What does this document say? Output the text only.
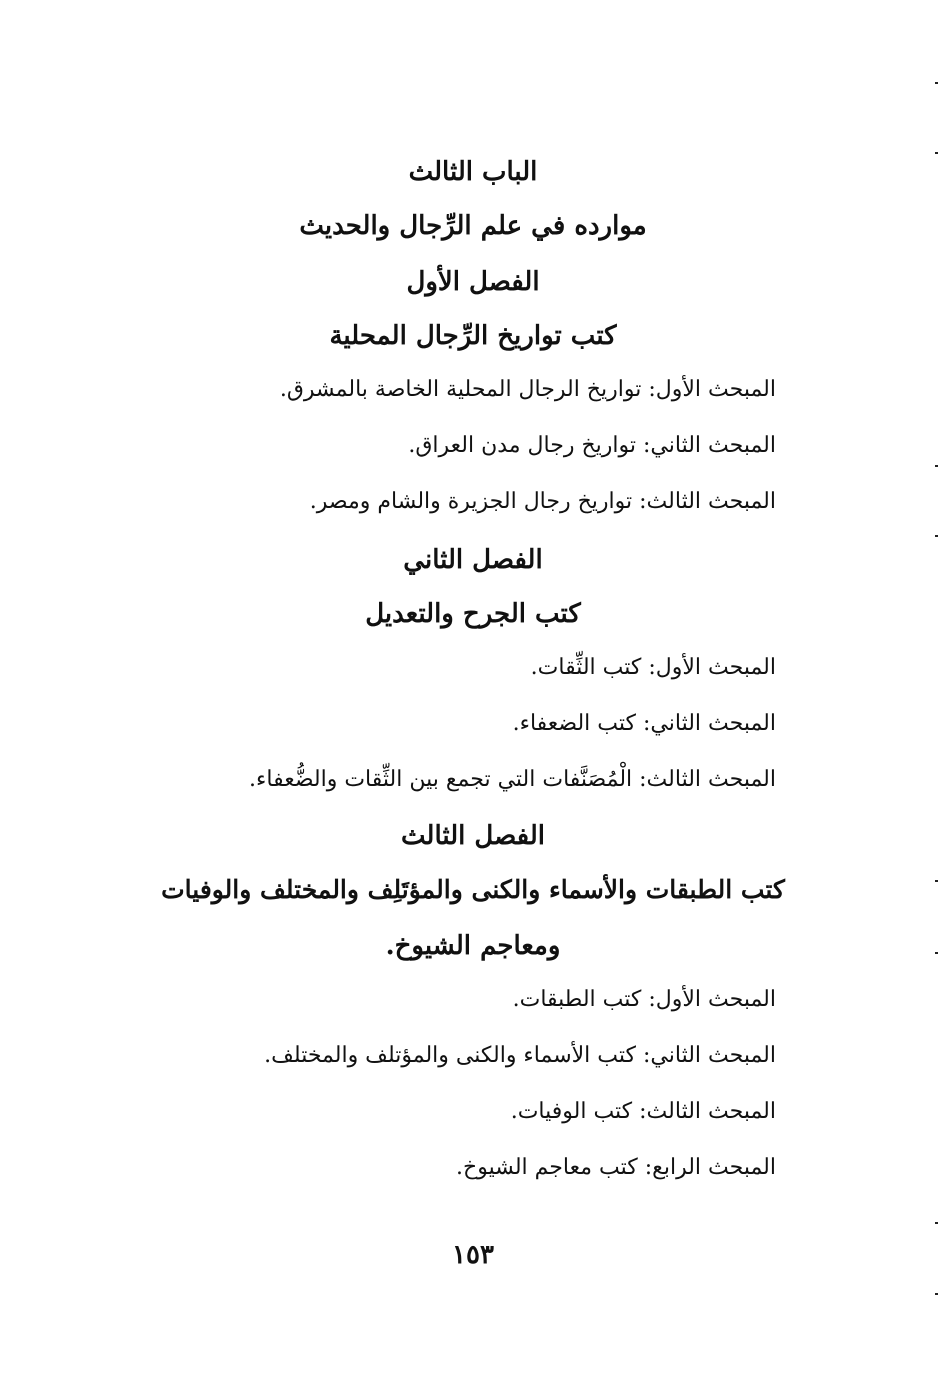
الباب الثالث
موارده في علم الرِّجال والحديث
الفصل الأول
كتب تواريخ الرِّجال المحلية
المبحث الأول: تواريخ الرجال المحلية الخاصة بالمشرق.
المبحث الثاني: تواريخ رجال مدن العراق.
المبحث الثالث: تواريخ رجال الجزيرة والشام ومصر.
الفصل الثاني
كتب الجرح والتعديل
المبحث الأول: كتب الثِّقات.
المبحث الثاني: كتب الضعفاء.
المبحث الثالث: الْمُصَنَّفات التي تجمع بين الثِّقات والضُّعفاء.
الفصل الثالث
كتب الطبقات والأسماء والكنى والمؤتَلِف والمختلف والوفيات
ومعاجم الشيوخ.
المبحث الأول: كتب الطبقات.
المبحث الثاني: كتب الأسماء والكنى والمؤتلف والمختلف.
المبحث الثالث: كتب الوفيات.
المبحث الرابع: كتب معاجم الشيوخ.
١٥٣
